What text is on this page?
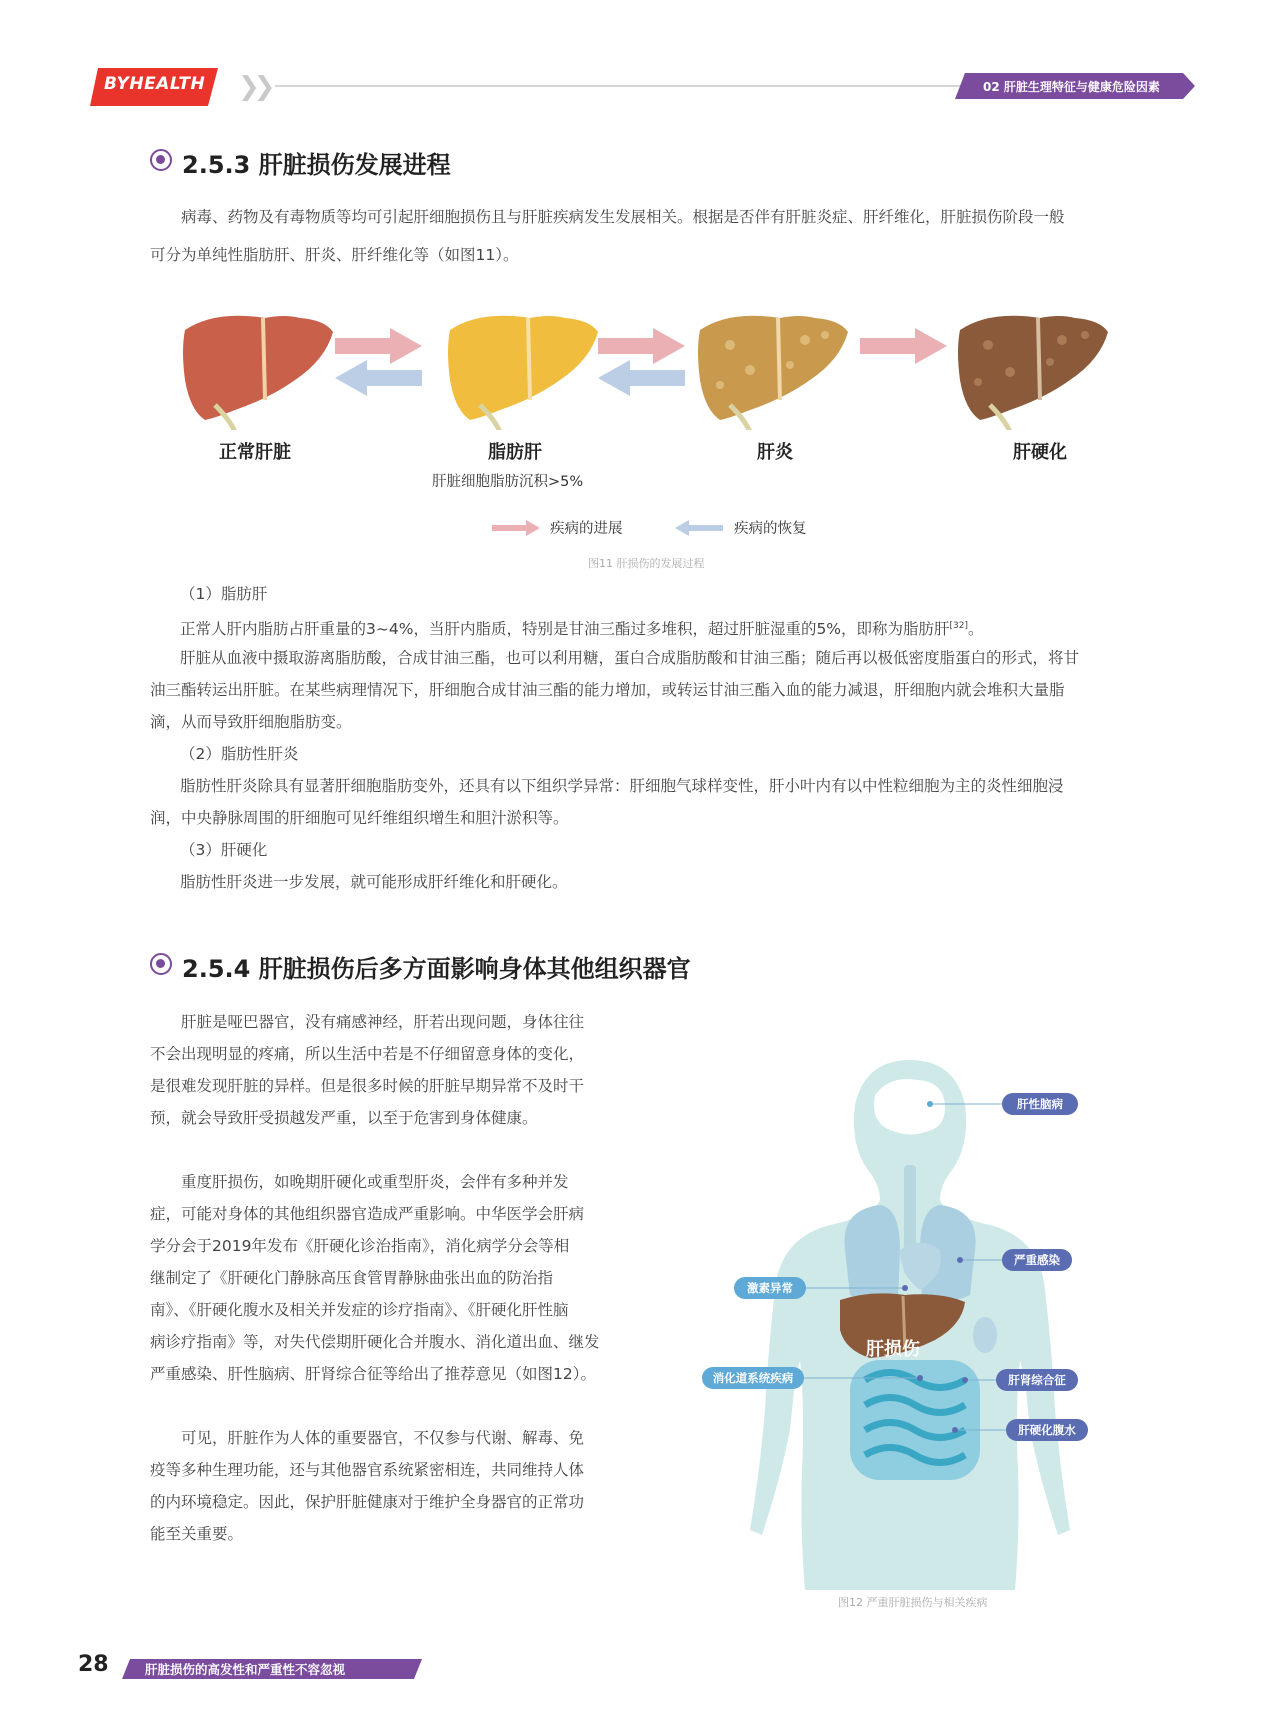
BYHEALTH ❯❯	02 肝脏生理特征与健康危险因素
2.5.3 肝脏损伤发展进程
病毒、药物及有毒物质等均可引起肝细胞损伤且与肝脏疾病发生发展相关。根据是否伴有肝脏炎症、肝纤维化，肝脏损伤阶段一般
可分为单纯性脂肪肝、肝炎、肝纤维化等（如图11）。
正常肝脏	脂肪肝	肝炎	肝硬化
肝脏细胞脂肪沉积>5%
疾病的进展	疾病的恢复
图11 肝损伤的发展过程
（1）脂肪肝
正常人肝内脂肪占肝重量的3~4%，当肝内脂质，特别是甘油三酯过多堆积，超过肝脏湿重的5%，即称为脂肪肝[32]。
肝脏从血液中摄取游离脂肪酸，合成甘油三酯，也可以利用糖，蛋白合成脂肪酸和甘油三酯；随后再以极低密度脂蛋白的形式，将甘
油三酯转运出肝脏。在某些病理情况下，肝细胞合成甘油三酯的能力增加，或转运甘油三酯入血的能力减退，肝细胞内就会堆积大量脂
滴，从而导致肝细胞脂肪变。
（2）脂肪性肝炎
脂肪性肝炎除具有显著肝细胞脂肪变外，还具有以下组织学异常：肝细胞气球样变性，肝小叶内有以中性粒细胞为主的炎性细胞浸
润，中央静脉周围的肝细胞可见纤维组织增生和胆汁淤积等。
（3）肝硬化
脂肪性肝炎进一步发展，就可能形成肝纤维化和肝硬化。
2.5.4 肝脏损伤后多方面影响身体其他组织器官
肝脏是哑巴器官，没有痛感神经，肝若出现问题，身体往往
不会出现明显的疼痛，所以生活中若是不仔细留意身体的变化，
是很难发现肝脏的异样。但是很多时候的肝脏早期异常不及时干
预，就会导致肝受损越发严重，以至于危害到身体健康。
重度肝损伤，如晚期肝硬化或重型肝炎，会伴有多种并发
症，可能对身体的其他组织器官造成严重影响。中华医学会肝病
学分会于2019年发布《肝硬化诊治指南》，消化病学分会等相
继制定了《肝硬化门静脉高压食管胃静脉曲张出血的防治指
南》、《肝硬化腹水及相关并发症的诊疗指南》、《肝硬化肝性脑
病诊疗指南》等，对失代偿期肝硬化合并腹水、消化道出血、继发
严重感染、肝性脑病、肝肾综合征等给出了推荐意见（如图12）。
可见，肝脏作为人体的重要器官，不仅参与代谢、解毒、免
疫等多种生理功能，还与其他器官系统紧密相连，共同维持人体
的内环境稳定。因此，保护肝脏健康对于维护全身器官的正常功
能至关重要。
肝损伤
肝性脑病
严重感染
激素异常
消化道系统疾病	肝肾综合征
肝硬化腹水
图12 严重肝脏损伤与相关疾病
28	肝脏损伤的高发性和严重性不容忽视
